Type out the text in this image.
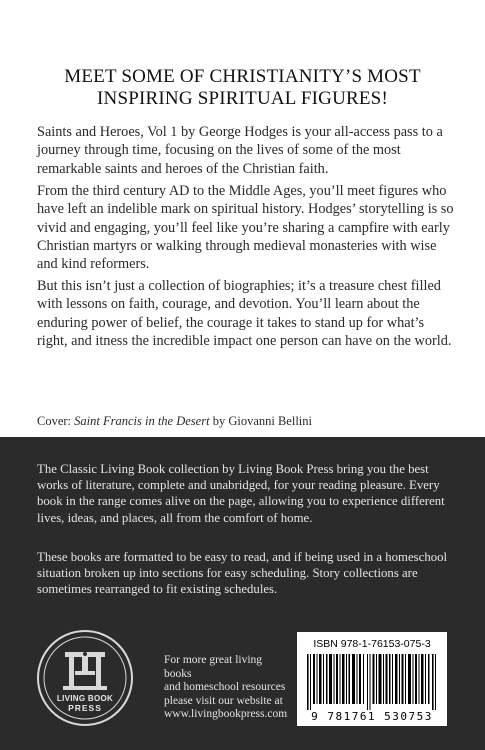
MEET SOME OF CHRISTIANITY’S MOST
INSPIRING SPIRITUAL FIGURES!

Saints and Heroes, Vol 1 by George Hodges is your all-access pass to a journey through time, focusing on the lives of some of the most remarkable saints and heroes of the Christian faith.

From the third century AD to the Middle Ages, you’ll meet figures who have left an indelible mark on spiritual history. Hodges’ storytelling is so vivid and engaging, you’ll feel like you’re sharing a campfire with early Christian martyrs or walking through medieval monasteries with wise and kind reformers.

But this isn’t just a collection of biographies; it’s a treasure chest filled with lessons on faith, courage, and devotion. You’ll learn about the enduring power of belief, the courage it takes to stand up for what’s right, and itness the incredible impact one person can have on the world.

Cover: Saint Francis in the Desert by Giovanni Bellini

The Classic Living Book collection by Living Book Press bring you the best works of literature, complete and unabridged, for your reading pleasure. Every book in the range comes alive on the page, allowing you to experience different lives, ideas, and places, all from the comfort of home.

These books are formatted to be easy to read, and if being used in a homeschool situation broken up into sections for easy scheduling. Story collections are sometimes rearranged to fit existing schedules.

LIVING BOOK
PRESS
For more great living books
and homeschool resources
please visit our website at
www.livingbookpress.com
ISBN 978-1-76153-075-3
9 781761 530753
